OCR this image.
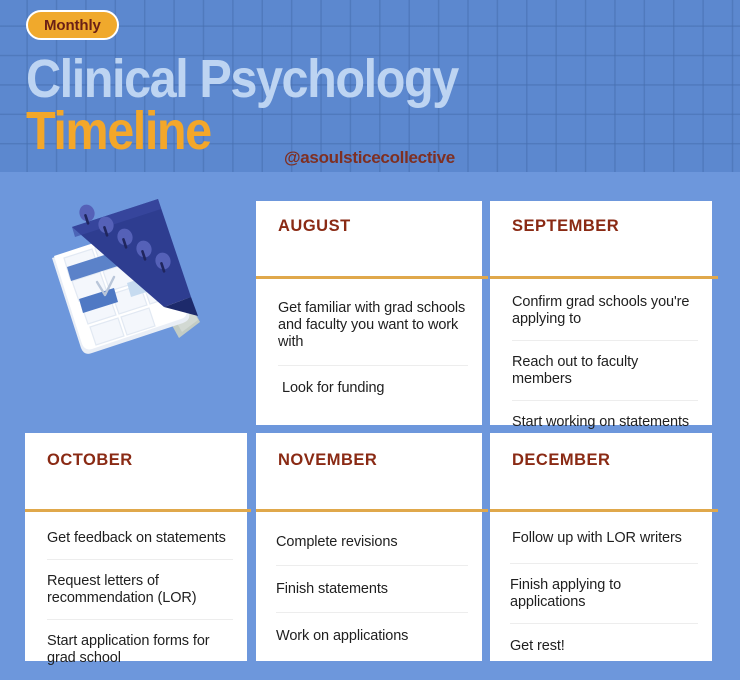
Monthly
Clinical Psychology
Timeline	@asoulsticecollective
AUGUST
Get familiar with grad schools and faculty you want to work with
Look for funding
SEPTEMBER
Confirm grad schools you're applying to
Reach out to faculty members
Start working on statements
OCTOBER
Get feedback on statements
Request letters of recommendation (LOR)
Start application forms for grad school
NOVEMBER
Complete revisions
Finish statements
Work on applications
DECEMBER
Follow up with LOR writers
Finish applying to applications
Get rest!
